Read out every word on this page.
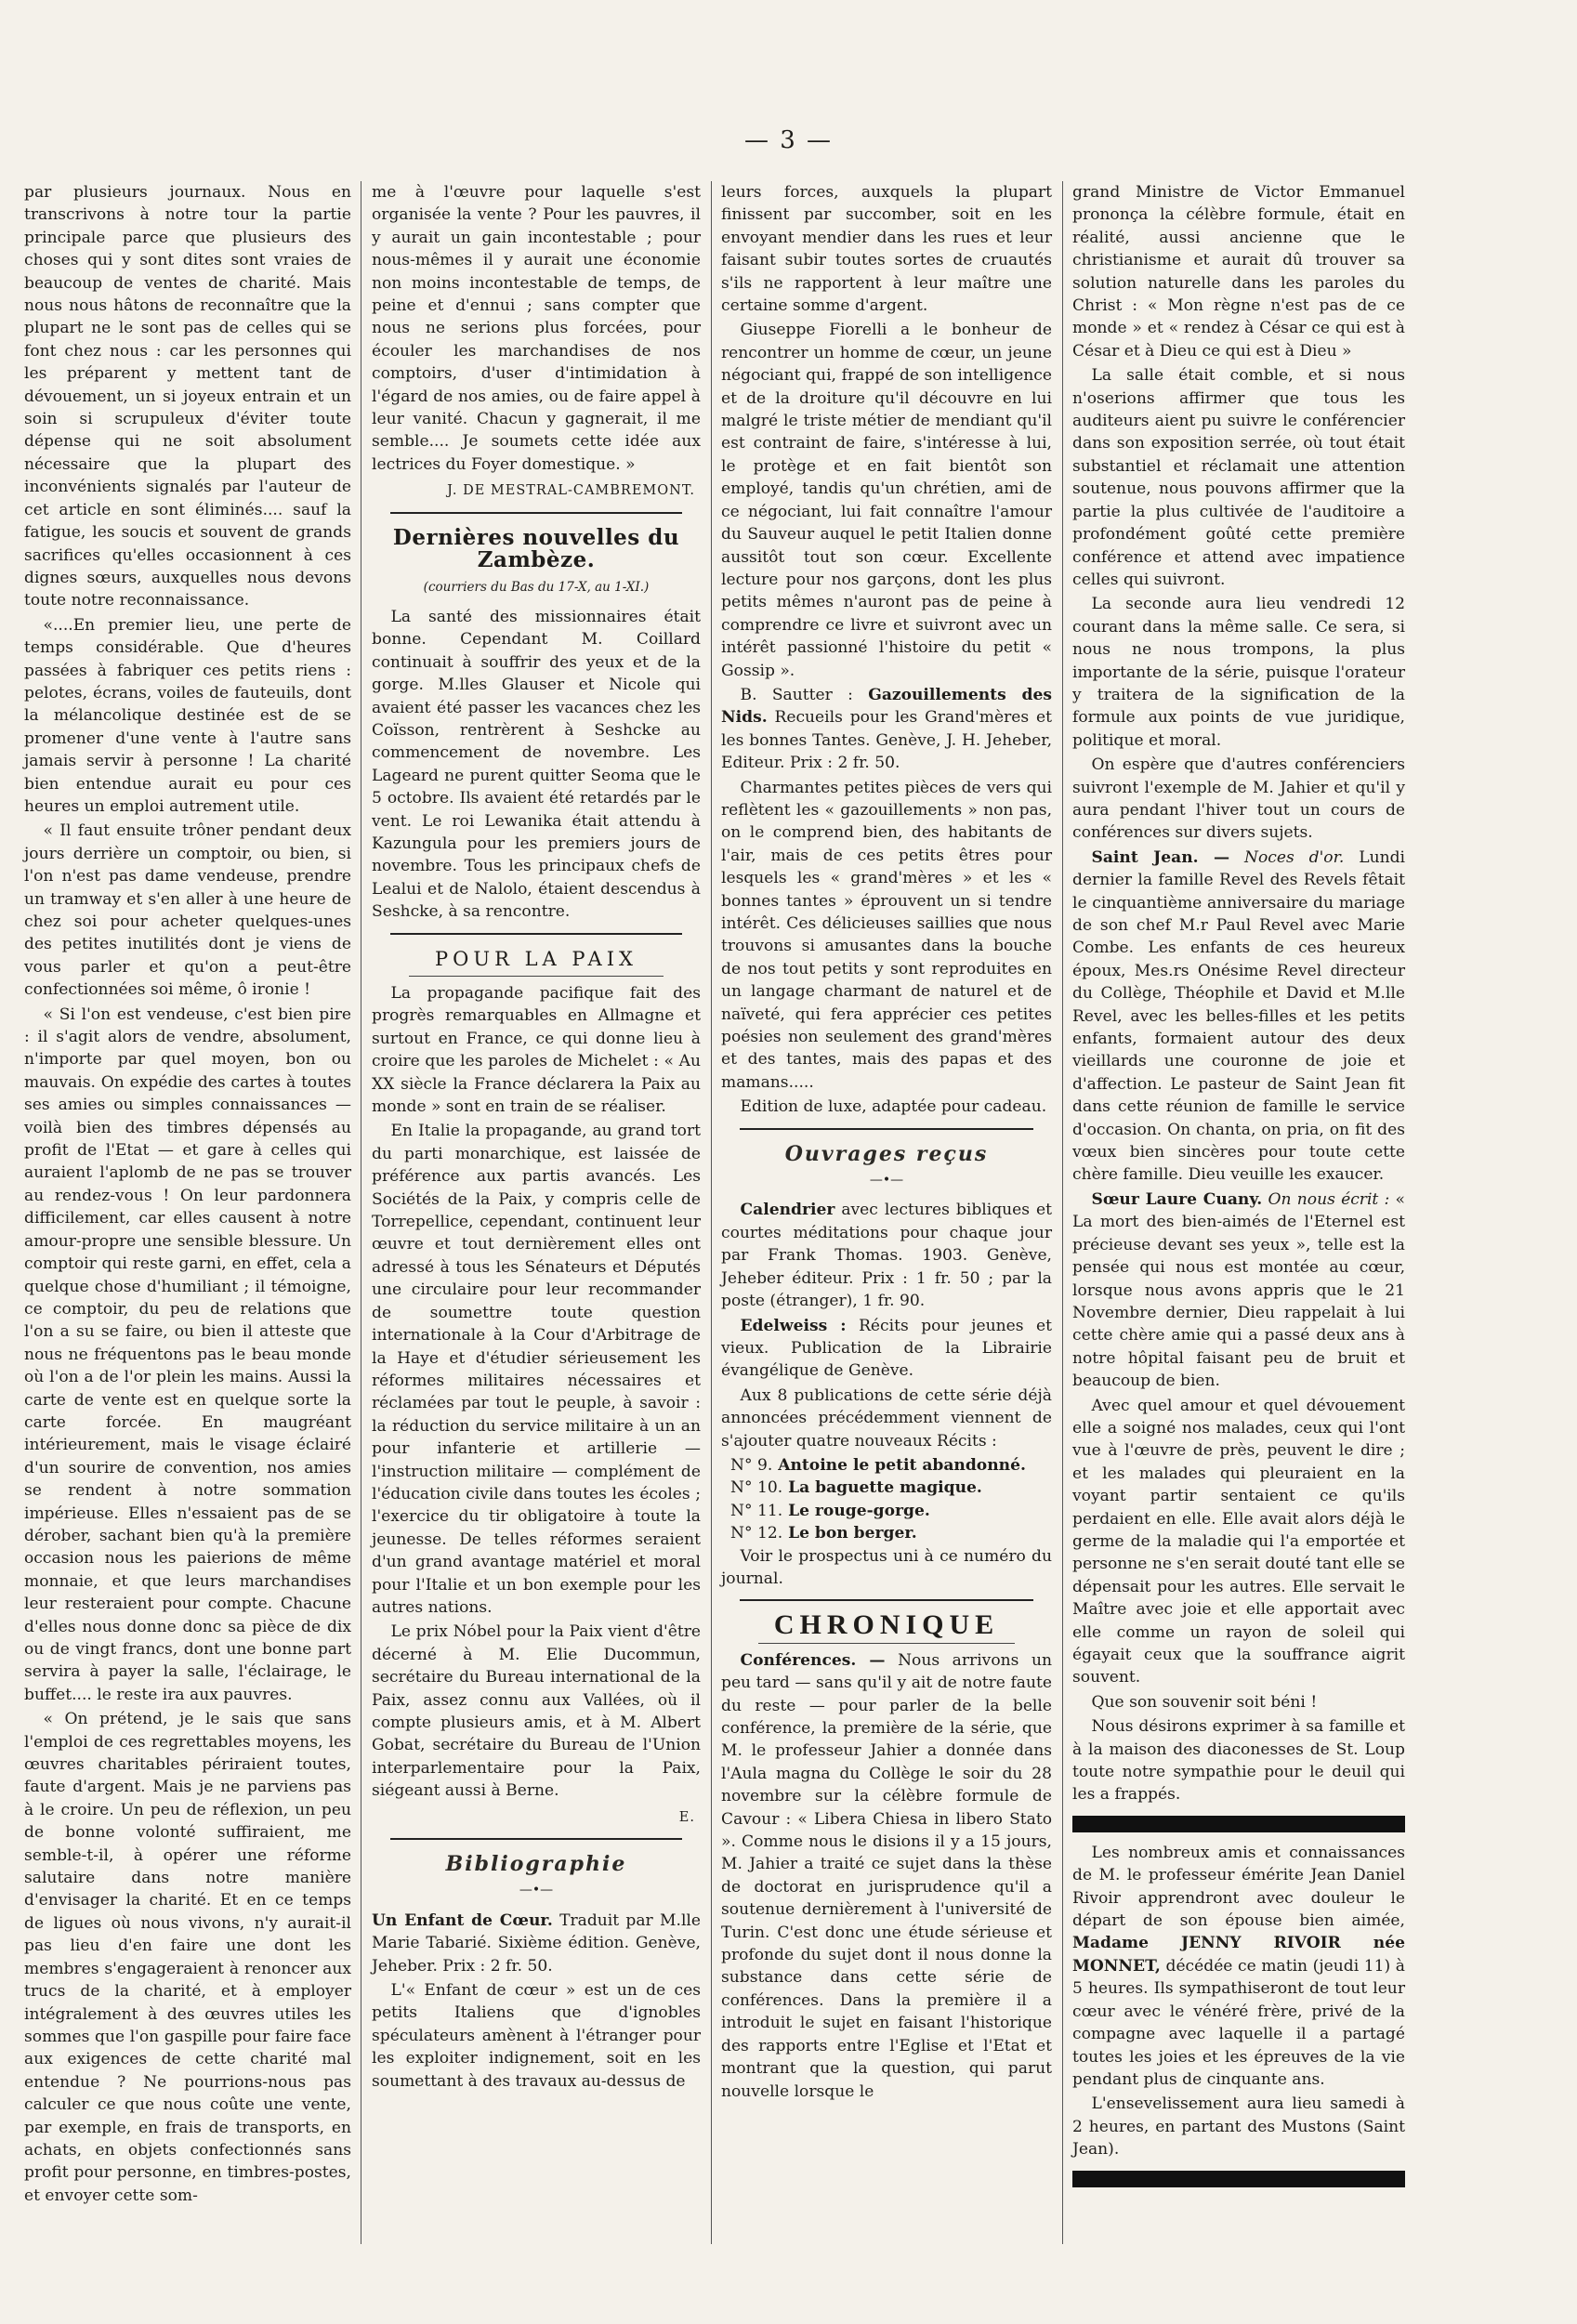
— 3 —

par plusieurs journaux. Nous en transcrivons à notre tour la partie principale parce que plusieurs des choses qui y sont dites sont vraies de beaucoup de ventes de charité. Mais nous nous hâtons de reconnaître que la plupart ne le sont pas de celles qui se font chez nous : car les personnes qui les préparent y mettent tant de dévouement, un si joyeux entrain et un soin si scrupuleux d'éviter toute dépense qui ne soit absolument nécessaire que la plupart des inconvénients signalés par l'auteur de cet article en sont éliminés.... sauf la fatigue, les soucis et souvent de grands sacrifices qu'elles occasionnent à ces dignes sœurs, auxquelles nous devons toute notre reconnaissance.

«....En premier lieu, une perte de temps considérable. Que d'heures passées à fabriquer ces petits riens : pelotes, écrans, voiles de fauteuils, dont la mélancolique destinée est de se promener d'une vente à l'autre sans jamais servir à personne ! La charité bien entendue aurait eu pour ces heures un emploi autrement utile.

« Il faut ensuite trôner pendant deux jours derrière un comptoir, ou bien, si l'on n'est pas dame vendeuse, prendre un tramway et s'en aller à une heure de chez soi pour acheter quelques-unes des petites inutilités dont je viens de vous parler et qu'on a peut-être confectionnées soi même, ô ironie !

« Si l'on est vendeuse, c'est bien pire : il s'agit alors de vendre, absolument, n'importe par quel moyen, bon ou mauvais. On expédie des cartes à toutes ses amies ou simples connaissances — voilà bien des timbres dépensés au profit de l'Etat — et gare à celles qui auraient l'aplomb de ne pas se trouver au rendez-vous ! On leur pardonnera difficilement, car elles causent à notre amour-propre une sensible blessure. Un comptoir qui reste garni, en effet, cela a quelque chose d'humiliant ; il témoigne, ce comptoir, du peu de relations que l'on a su se faire, ou bien il atteste que nous ne fréquentons pas le beau monde où l'on a de l'or plein les mains. Aussi la carte de vente est en quelque sorte la carte forcée. En maugréant intérieurement, mais le visage éclairé d'un sourire de convention, nos amies se rendent à notre sommation impérieuse. Elles n'essaient pas de se dérober, sachant bien qu'à la première occasion nous les paierions de même monnaie, et que leurs marchandises leur resteraient pour compte. Chacune d'elles nous donne donc sa pièce de dix ou de vingt francs, dont une bonne part servira à payer la salle, l'éclairage, le buffet.... le reste ira aux pauvres.

« On prétend, je le sais que sans l'emploi de ces regrettables moyens, les œuvres charitables périraient toutes, faute d'argent. Mais je ne parviens pas à le croire. Un peu de réflexion, un peu de bonne volonté suffiraient, me semble-t-il, à opérer une réforme salutaire dans notre manière d'envisager la charité. Et en ce temps de ligues où nous vivons, n'y aurait-il pas lieu d'en faire une dont les membres s'engageraient à renoncer aux trucs de la charité, et à employer intégralement à des œuvres utiles les sommes que l'on gaspille pour faire face aux exigences de cette charité mal entendue ? Ne pourrions-nous pas calculer ce que nous coûte une vente, par exemple, en frais de transports, en achats, en objets confectionnés sans profit pour personne, en timbres-postes, et envoyer cette som-

me à l'œuvre pour laquelle s'est organisée la vente ? Pour les pauvres, il y aurait un gain incontestable ; pour nous-mêmes il y aurait une économie non moins incontestable de temps, de peine et d'ennui ; sans compter que nous ne serions plus forcées, pour écouler les marchandises de nos comptoirs, d'user d'intimidation à l'égard de nos amies, ou de faire appel à leur vanité. Chacun y gagnerait, il me semble.... Je soumets cette idée aux lectrices du Foyer domestique. »

J. DE MESTRAL-CAMBREMONT.
Dernières nouvelles du Zambèze.
(courriers du Bas du 17-X, au 1-XI.)

La santé des missionnaires était bonne. Cependant M. Coillard continuait à souffrir des yeux et de la gorge. M.lles Glauser et Nicole qui avaient été passer les vacances chez les Coïsson, rentrèrent à Seshcke au commencement de novembre. Les Lageard ne purent quitter Seoma que le 5 octobre. Ils avaient été retardés par le vent. Le roi Lewanika était attendu à Kazungula pour les premiers jours de novembre. Tous les principaux chefs de Lealui et de Nalolo, étaient descendus à Seshcke, à sa rencontre.

POUR LA PAIX

La propagande pacifique fait des progrès remarquables en Allmagne et surtout en France, ce qui donne lieu à croire que les paroles de Michelet : « Au XX siècle la France déclarera la Paix au monde » sont en train de se réaliser.

En Italie la propagande, au grand tort du parti monarchique, est laissée de préférence aux partis avancés. Les Sociétés de la Paix, y compris celle de Torrepellice, cependant, continuent leur œuvre et tout dernièrement elles ont adressé à tous les Sénateurs et Députés une circulaire pour leur recommander de soumettre toute question internationale à la Cour d'Arbitrage de la Haye et d'étudier sérieusement les réformes militaires nécessaires et réclamées par tout le peuple, à savoir : la réduction du service militaire à un an pour infanterie et artillerie — l'instruction militaire — complément de l'éducation civile dans toutes les écoles ; l'exercice du tir obligatoire à toute la jeunesse. De telles réformes seraient d'un grand avantage matériel et moral pour l'Italie et un bon exemple pour les autres nations.

Le prix Nóbel pour la Paix vient d'être décerné à M. Elie Ducommun, secrétaire du Bureau international de la Paix, assez connu aux Vallées, où il compte plusieurs amis, et à M. Albert Gobat, secrétaire du Bureau de l'Union interparlementaire pour la Paix, siégeant aussi à Berne.

E.
Bibliographie
—•—

Un Enfant de Cœur. Traduit par M.lle Marie Tabarié. Sixième édition. Genève, Jeheber. Prix : 2 fr. 50.

L'« Enfant de cœur » est un de ces petits Italiens que d'ignobles spéculateurs amènent à l'étranger pour les exploiter indignement, soit en les soumettant à des travaux au-dessus de

leurs forces, auxquels la plupart finissent par succomber, soit en les envoyant mendier dans les rues et leur faisant subir toutes sortes de cruautés s'ils ne rapportent à leur maître une certaine somme d'argent.

Giuseppe Fiorelli a le bonheur de rencontrer un homme de cœur, un jeune négociant qui, frappé de son intelligence et de la droiture qu'il découvre en lui malgré le triste métier de mendiant qu'il est contraint de faire, s'intéresse à lui, le protège et en fait bientôt son employé, tandis qu'un chrétien, ami de ce négociant, lui fait connaître l'amour du Sauveur auquel le petit Italien donne aussitôt tout son cœur. Excellente lecture pour nos garçons, dont les plus petits mêmes n'auront pas de peine à comprendre ce livre et suivront avec un intérêt passionné l'histoire du petit « Gossip ».

B. Sautter : Gazouillements des Nids. Recueils pour les Grand'mères et les bonnes Tantes. Genève, J. H. Jeheber, Editeur. Prix : 2 fr. 50.

Charmantes petites pièces de vers qui reflètent les « gazouillements » non pas, on le comprend bien, des habitants de l'air, mais de ces petits êtres pour lesquels les « grand'mères » et les « bonnes tantes » éprouvent un si tendre intérêt. Ces délicieuses saillies que nous trouvons si amusantes dans la bouche de nos tout petits y sont reproduites en un langage charmant de naturel et de naïveté, qui fera apprécier ces petites poésies non seulement des grand'mères et des tantes, mais des papas et des mamans.....

Edition de luxe, adaptée pour cadeau.

Ouvrages reçus
—•—

Calendrier avec lectures bibliques et courtes méditations pour chaque jour par Frank Thomas. 1903. Genève, Jeheber éditeur. Prix : 1 fr. 50 ; par la poste (étranger), 1 fr. 90.

Edelweiss : Récits pour jeunes et vieux. Publication de la Librairie évangélique de Genève.

Aux 8 publications de cette série déjà annoncées précédemment viennent de s'ajouter quatre nouveaux Récits :

N° 9. Antoine le petit abandonné.
N° 10. La baguette magique.
N° 11. Le rouge-gorge.
N° 12. Le bon berger.

Voir le prospectus uni à ce numéro du journal.

CHRONIQUE

Conférences. — Nous arrivons un peu tard — sans qu'il y ait de notre faute du reste — pour parler de la belle conférence, la première de la série, que M. le professeur Jahier a donnée dans l'Aula magna du Collège le soir du 28 novembre sur la célèbre formule de Cavour : « Libera Chiesa in libero Stato ». Comme nous le disions il y a 15 jours, M. Jahier a traité ce sujet dans la thèse de doctorat en jurisprudence qu'il a soutenue dernièrement à l'université de Turin. C'est donc une étude sérieuse et profonde du sujet dont il nous donne la substance dans cette série de conférences. Dans la première il a introduit le sujet en faisant l'historique des rapports entre l'Eglise et l'Etat et montrant que la question, qui parut nouvelle lorsque le

grand Ministre de Victor Emmanuel prononça la célèbre formule, était en réalité, aussi ancienne que le christianisme et aurait dû trouver sa solution naturelle dans les paroles du Christ : « Mon règne n'est pas de ce monde » et « rendez à César ce qui est à César et à Dieu ce qui est à Dieu »

La salle était comble, et si nous n'oserions affirmer que tous les auditeurs aient pu suivre le conférencier dans son exposition serrée, où tout était substantiel et réclamait une attention soutenue, nous pouvons affirmer que la partie la plus cultivée de l'auditoire a profondément goûté cette première conférence et attend avec impatience celles qui suivront.

La seconde aura lieu vendredi 12 courant dans la même salle. Ce sera, si nous ne nous trompons, la plus importante de la série, puisque l'orateur y traitera de la signification de la formule aux points de vue juridique, politique et moral.

On espère que d'autres conférenciers suivront l'exemple de M. Jahier et qu'il y aura pendant l'hiver tout un cours de conférences sur divers sujets.

Saint Jean. — Noces d'or. Lundi dernier la famille Revel des Revels fêtait le cinquantième anniversaire du mariage de son chef M.r Paul Revel avec Marie Combe. Les enfants de ces heureux époux, Mes.rs Onésime Revel directeur du Collège, Théophile et David et M.lle Revel, avec les belles-filles et les petits enfants, formaient autour des deux vieillards une couronne de joie et d'affection. Le pasteur de Saint Jean fit dans cette réunion de famille le service d'occasion. On chanta, on pria, on fit des vœux bien sincères pour toute cette chère famille. Dieu veuille les exaucer.

Sœur Laure Cuany. On nous écrit : « La mort des bien-aimés de l'Eternel est précieuse devant ses yeux », telle est la pensée qui nous est montée au cœur, lorsque nous avons appris que le 21 Novembre dernier, Dieu rappelait à lui cette chère amie qui a passé deux ans à notre hôpital faisant peu de bruit et beaucoup de bien.

Avec quel amour et quel dévouement elle a soigné nos malades, ceux qui l'ont vue à l'œuvre de près, peuvent le dire ; et les malades qui pleuraient en la voyant partir sentaient ce qu'ils perdaient en elle. Elle avait alors déjà le germe de la maladie qui l'a emportée et personne ne s'en serait douté tant elle se dépensait pour les autres. Elle servait le Maître avec joie et elle apportait avec elle comme un rayon de soleil qui égayait ceux que la souffrance aigrit souvent.

Que son souvenir soit béni !

Nous désirons exprimer à sa famille et à la maison des diaconesses de St. Loup toute notre sympathie pour le deuil qui les a frappés.

Les nombreux amis et connaissances de M. le professeur émérite Jean Daniel Rivoir apprendront avec douleur le départ de son épouse bien aimée, Madame JENNY RIVOIR née MONNET, décédée ce matin (jeudi 11) à 5 heures. Ils sympathiseront de tout leur cœur avec le vénéré frère, privé de la compagne avec laquelle il a partagé toutes les joies et les épreuves de la vie pendant plus de cinquante ans.

L'ensevelissement aura lieu samedi à 2 heures, en partant des Mustons (Saint Jean).
